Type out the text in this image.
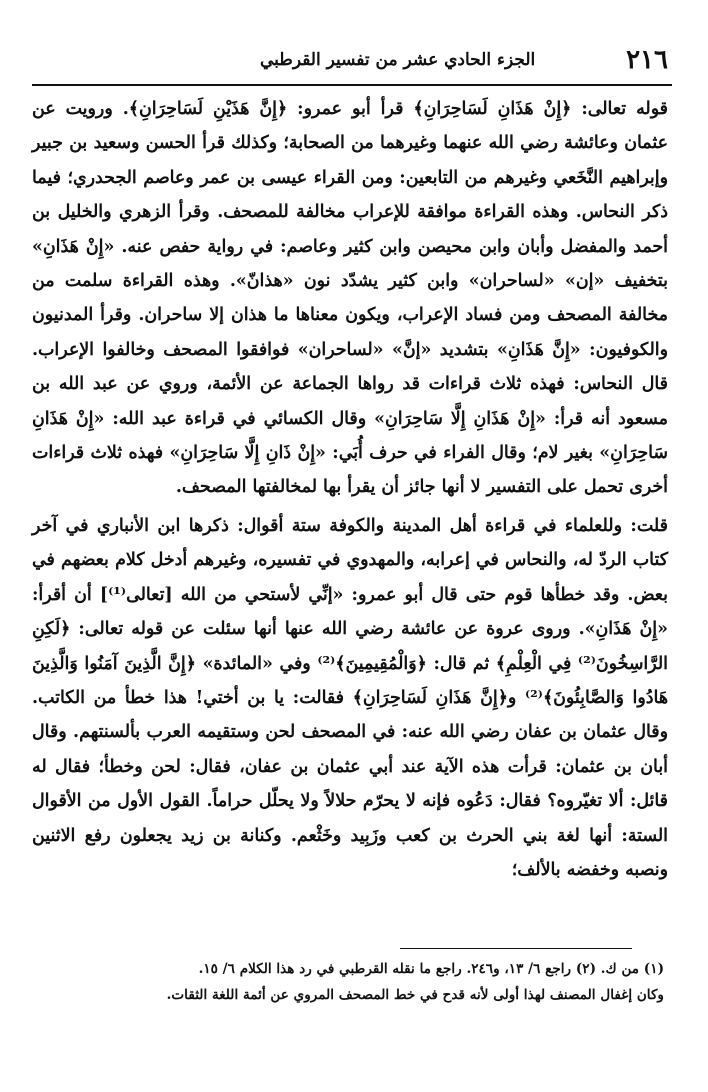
٢١٦
الجزء الحادي عشر من تفسير القرطبي

قوله تعالى: ﴿إِنْ هَذَانِ لَسَاحِرَانِ﴾ قرأ أبو عمرو: ﴿إِنَّ هَذَيْنِ لَسَاحِرَانِ﴾. ورويت عن عثمان وعائشة رضي الله عنهما وغيرهما من الصحابة؛ وكذلك قرأ الحسن وسعيد بن جبير وإبراهيم النَّخَعي وغيرهم من التابعين: ومن القراء عيسى بن عمر وعاصم الجحدري؛ فيما ذكر النحاس. وهذه القراءة موافقة للإعراب مخالفة للمصحف. وقرأ الزهري والخليل بن أحمد والمفضل وأبان وابن محيصن وابن كثير وعاصم: في رواية حفص عنه. «إِنْ هَذَانِ» بتخفيف «إن» «لساحران» وابن كثير يشدّد نون «هذانّ». وهذه القراءة سلمت من مخالفة المصحف ومن فساد الإعراب، ويكون معناها ما هذان إلا ساحران. وقرأ المدنيون والكوفيون: «إِنَّ هَذَانِ» بتشديد «إنَّ» «لساحران» فوافقوا المصحف وخالفوا الإعراب. قال النحاس: فهذه ثلاث قراءات قد رواها الجماعة عن الأئمة، وروي عن عبد الله بن مسعود أنه قرأ: «إِنْ هَذَانِ إِلَّا سَاحِرَانِ» وقال الكسائي في قراءة عبد الله: «إِنْ هَذَانِ سَاحِرَانِ» بغير لام؛ وقال الفراء في حرف أُبَي: «إِنْ ذَانِ إِلَّا سَاحِرَانِ» فهذه ثلاث قراءات أخرى تحمل على التفسير لا أنها جائز أن يقرأ بها لمخالفتها المصحف.

قلت: وللعلماء في قراءة أهل المدينة والكوفة ستة أقوال: ذكرها ابن الأنباري في آخر كتاب الردّ له، والنحاس في إعرابه، والمهدوي في تفسيره، وغيرهم أدخل كلام بعضهم في بعض. وقد خطأها قوم حتى قال أبو عمرو: «إنِّي لأستحي من الله [تعالى⁽¹⁾] أن أقرأ: «إِنْ هَذَانِ». وروى عروة عن عائشة رضي الله عنها أنها سئلت عن قوله تعالى: ﴿لَكِنِ الرَّاسِخُونَ⁽²⁾ فِي الْعِلْمِ﴾ ثم قال: ﴿وَالْمُقِيمِينَ﴾⁽²⁾ وفي «المائدة» ﴿إِنَّ الَّذِينَ آمَنُوا وَالَّذِينَ هَادُوا وَالصَّابِئُونَ﴾⁽²⁾ و﴿إِنَّ هَذَانِ لَسَاحِرَانِ﴾ فقالت: يا بن أختي! هذا خطأ من الكاتب. وقال عثمان بن عفان رضي الله عنه: في المصحف لحن وستقيمه العرب بألسنتهم. وقال أبان بن عثمان: قرأت هذه الآية عند أبي عثمان بن عفان، فقال: لحن وخطأ؛ فقال له قائل: ألا تغيّروه؟ فقال: دَعُوه فإنه لا يحرّم حلالاً ولا يحلّل حراماً. القول الأول من الأقوال الستة: أنها لغة بني الحرث بن كعب وزَبِيد وخَثْعم. وكنانة بن زيد يجعلون رفع الاثنين ونصبه وخفضه بالألف؛

(١) من ك. (٢) راجع ٦/ ١٣، و٢٤٦. راجع ما نقله القرطبي في رد هذا الكلام ٦/ ١٥.

وكان إغفال المصنف لهذا أولى لأنه قدح في خط المصحف المروي عن أئمة اللغة الثقات.
